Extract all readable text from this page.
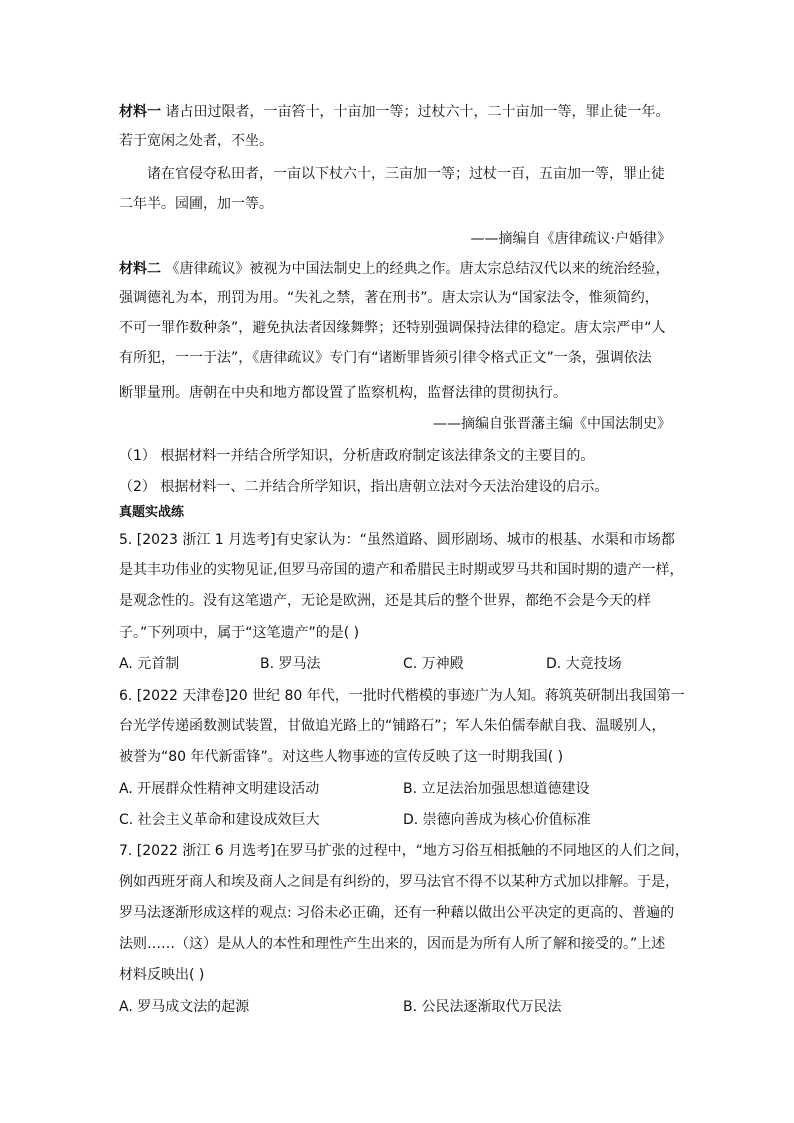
材料一 诸占田过限者，一亩笞十，十亩加一等；过杖六十，二十亩加一等，罪止徒一年。
若于宽闲之处者，不坐。
诸在官侵夺私田者，一亩以下杖六十，三亩加一等；过杖一百，五亩加一等，罪止徒
二年半。园圃，加一等。
——摘编自《唐律疏议·户婚律》
材料二 《唐律疏议》被视为中国法制史上的经典之作。唐太宗总结汉代以来的统治经验，
强调德礼为本，刑罚为用。“失礼之禁，著在刑书”。唐太宗认为“国家法令，惟须简约，
不可一罪作数种条”，避免执法者因缘舞弊；还特别强调保持法律的稳定。唐太宗严申“人
有所犯，一一于法”，《唐律疏议》专门有“诸断罪皆须引律令格式正文”一条，强调依法
断罪量刑。唐朝在中央和地方都设置了监察机构，监督法律的贯彻执行。
——摘编自张晋藩主编《中国法制史》
（1） 根据材料一并结合所学知识，分析唐政府制定该法律条文的主要目的。
（2） 根据材料一、二并结合所学知识，指出唐朝立法对今天法治建设的启示。
真题实战练
5. [2023 浙江 1 月选考]有史家认为：“虽然道路、圆形剧场、城市的根基、水渠和市场都
是其丰功伟业的实物见证,但罗马帝国的遗产和希腊民主时期或罗马共和国时期的遗产一样，
是观念性的。没有这笔遗产，无论是欧洲，还是其后的整个世界，都绝不会是今天的样
子。”下列项中，属于“这笔遗产”的是( )
A. 元首制	B. 罗马法	C. 万神殿	D. 大竞技场
6. [2022 天津卷]20 世纪 80 年代，一批时代楷模的事迹广为人知。蒋筑英研制出我国第一
台光学传递函数测试装置，甘做追光路上的“铺路石”；军人朱伯儒奉献自我、温暖别人，
被誉为“80 年代新雷锋”。对这些人物事迹的宣传反映了这一时期我国( )
A. 开展群众性精神文明建设活动	B. 立足法治加强思想道德建设
C. 社会主义革命和建设成效巨大	D. 崇德向善成为核心价值标准
7. [2022 浙江 6 月选考]在罗马扩张的过程中，“地方习俗互相抵触的不同地区的人们之间，
例如西班牙商人和埃及商人之间是有纠纷的，罗马法官不得不以某种方式加以排解。于是，
罗马法逐渐形成这样的观点: 习俗未必正确，还有一种藉以做出公平决定的更高的、普遍的
法则……（这）是从人的本性和理性产生出来的，因而是为所有人所了解和接受的。”上述
材料反映出( )
A. 罗马成文法的起源	B. 公民法逐渐取代万民法
